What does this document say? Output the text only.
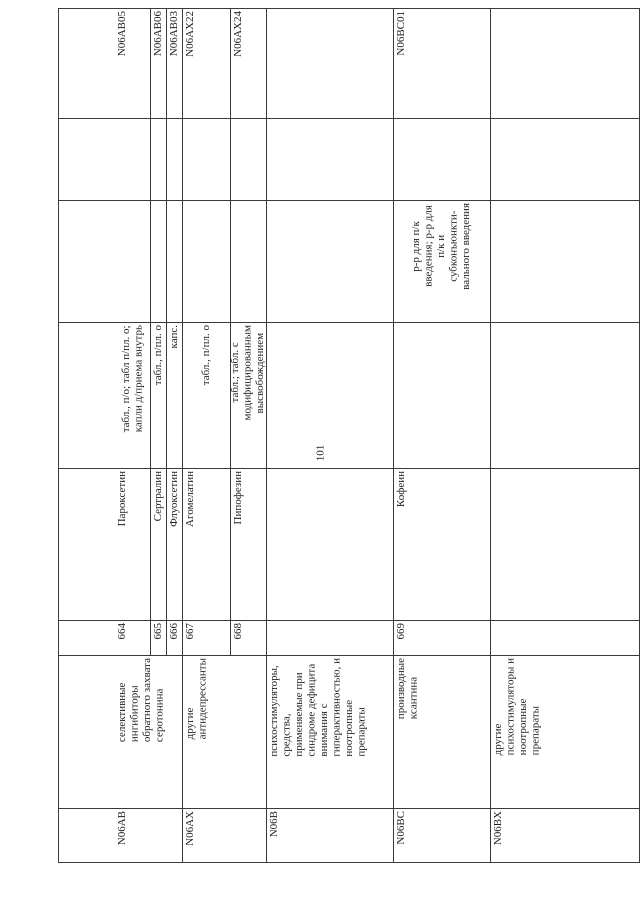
101
N06AB
селективные
ингибиторы
обратного захвата
серотонина
664
Пароксетин
табл., п/о; табл п/пл. о;
капли д/приема внутрь
N06AB05
665
Сертралин
табл., п/пл. о
N06AB06
666
Флуоксетин
капс.
N06AB03
N06AX
другие
антидепрессанты
667
Агомелатин
табл., п/пл. о
N06AX22
668
Пипофезин
табл.; табл. с
модифицированным
высвобождением
N06AX24
N06B
психостимуляторы,
средства,
применяемые при
синдроме дефицита
внимания с
гиперактивностью, и
ноотропные
препараты
N06BC
производные
ксантина
669
Кофеин
р-р для п/к
введения; р-р для
п/к и
субконъюнкти-
вального введения
N06BC01
N06BX
другие
психостимуляторы и
ноотропные
препараты
